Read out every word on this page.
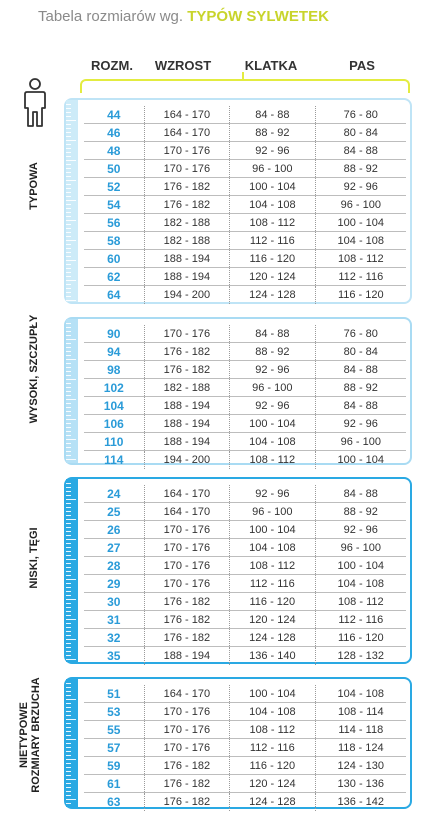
Tabela rozmiarów wg. TYPÓW SYLWETEK
ROZM.	WZROST	KLATKA	PAS
44	164 - 170	84 - 88	76 - 80
46	164 - 170	88 - 92	80 - 84
48	170 - 176	92 - 96	84 - 88
50	170 - 176	96 - 100	88 - 92
52	176 - 182	100 - 104	92 - 96
54	176 - 182	104 - 108	96 - 100
56	182 - 188	108 - 112	100 - 104
58	182 - 188	112 - 116	104 - 108
60	188 - 194	116 - 120	108 - 112
62	188 - 194	120 - 124	112 - 116
64	194 - 200	124 - 128	116 - 120
TYPOWA
90	170 - 176	84 - 88	76 - 80
94	176 - 182	88 - 92	80 - 84
98	176 - 182	92 - 96	84 - 88
102	182 - 188	96 - 100	88 - 92
104	188 - 194	92 - 96	84 - 88
106	188 - 194	100 - 104	92 - 96
110	188 - 194	104 - 108	96 - 100
114	194 - 200	108 - 112	100 - 104
WYSOKI, SZCZUPŁY
24	164 - 170	92 - 96	84 - 88
25	164 - 170	96 - 100	88 - 92
26	170 - 176	100 - 104	92 - 96
27	170 - 176	104 - 108	96 - 100
28	170 - 176	108 - 112	100 - 104
29	170 - 176	112 - 116	104 - 108
30	176 - 182	116 - 120	108 - 112
31	176 - 182	120 - 124	112 - 116
32	176 - 182	124 - 128	116 - 120
35	188 - 194	136 - 140	128 - 132
NISKI, TĘGI
51	164 - 170	100 - 104	104 - 108
53	170 - 176	104 - 108	108 - 114
55	170 - 176	108 - 112	114 - 118
57	170 - 176	112 - 116	118 - 124
59	176 - 182	116 - 120	124 - 130
61	176 - 182	120 - 124	130 - 136
63	176 - 182	124 - 128	136 - 142
NIETYPOWE ROZMIARY BRZUCHA
